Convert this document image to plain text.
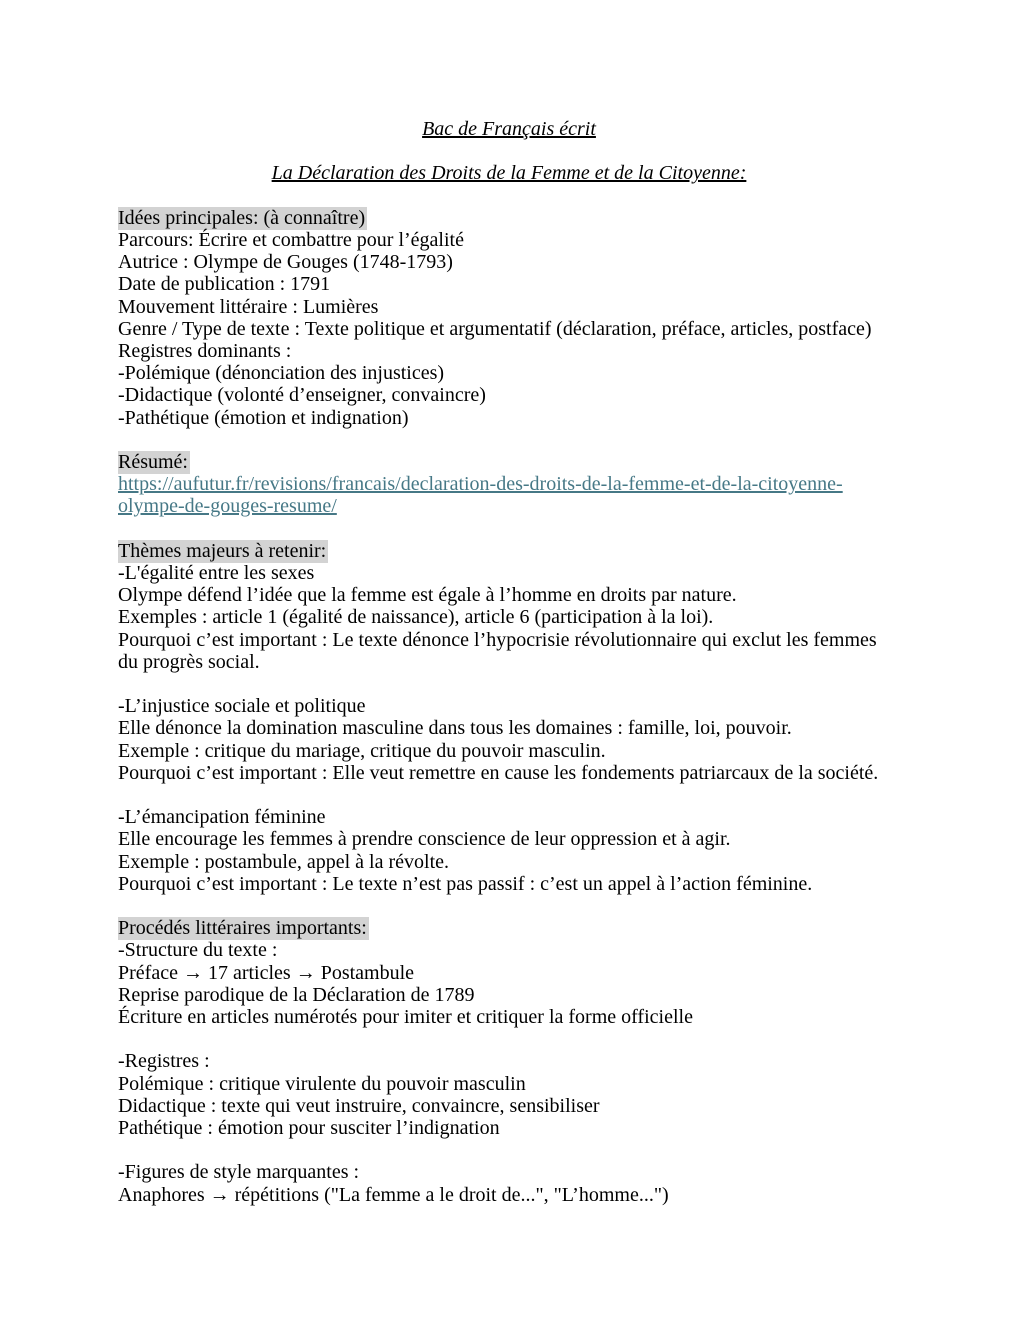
Bac de Français écrit

La Déclaration des Droits de la Femme et de la Citoyenne:

Idées principales: (à connaître)

Parcours: Écrire et combattre pour l’égalité

Autrice : Olympe de Gouges (1748-1793)

Date de publication : 1791

Mouvement littéraire : Lumières

Genre / Type de texte : Texte politique et argumentatif (déclaration, préface, articles, postface)

Registres dominants :

-Polémique (dénonciation des injustices)

-Didactique (volonté d’enseigner, convaincre)

-Pathétique (émotion et indignation)

Résumé:

https://aufutur.fr/revisions/francais/declaration-des-droits-de-la-femme-et-de-la-citoyenne-olympe-de-gouges-resume/

Thèmes majeurs à retenir:

-L'égalité entre les sexes

Olympe défend l’idée que la femme est égale à l’homme en droits par nature.

Exemples : article 1 (égalité de naissance), article 6 (participation à la loi).

Pourquoi c’est important : Le texte dénonce l’hypocrisie révolutionnaire qui exclut les femmes du progrès social.

-L’injustice sociale et politique

Elle dénonce la domination masculine dans tous les domaines : famille, loi, pouvoir.

Exemple : critique du mariage, critique du pouvoir masculin.

Pourquoi c’est important : Elle veut remettre en cause les fondements patriarcaux de la société.

-L’émancipation féminine

Elle encourage les femmes à prendre conscience de leur oppression et à agir.

Exemple : postambule, appel à la révolte.

Pourquoi c’est important : Le texte n’est pas passif : c’est un appel à l’action féminine.

Procédés littéraires importants:

-Structure du texte :

Préface → 17 articles → Postambule

Reprise parodique de la Déclaration de 1789

Écriture en articles numérotés pour imiter et critiquer la forme officielle

-Registres :

Polémique : critique virulente du pouvoir masculin

Didactique : texte qui veut instruire, convaincre, sensibiliser

Pathétique : émotion pour susciter l’indignation

-Figures de style marquantes :

Anaphores → répétitions ("La femme a le droit de...", "L’homme...")
